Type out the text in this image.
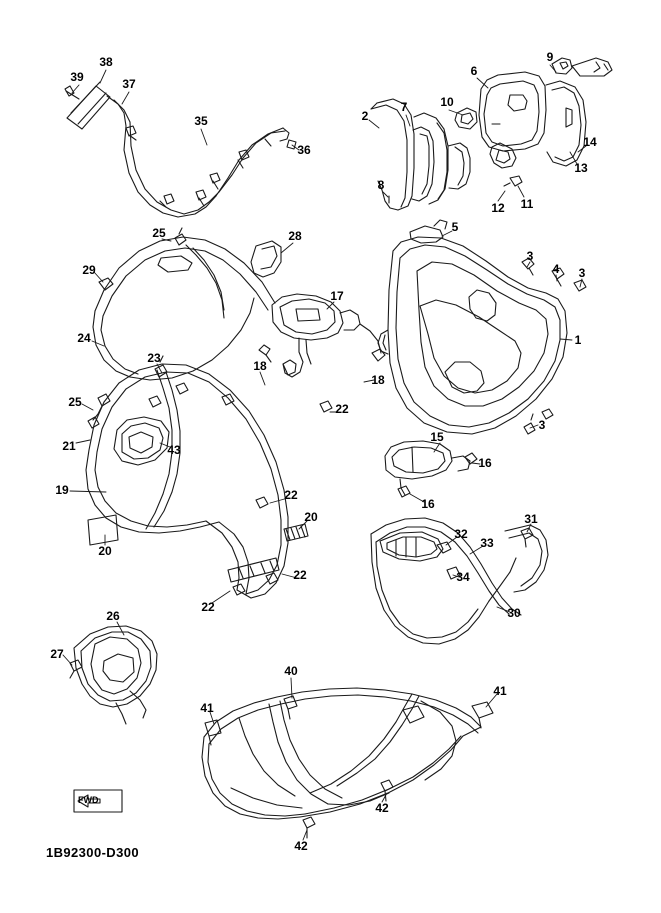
38
39	37
35
36
9
6
7	10
2
14
13
8
12 11
5
3
4 3
25	28
29
17
1
24
23
18
18
3
25	22
21	43
15
16
16
19	22
20	31
32
33
20
34
22
30
22
26
27
40
41
41
42
42
1B92300-D300
FWD
